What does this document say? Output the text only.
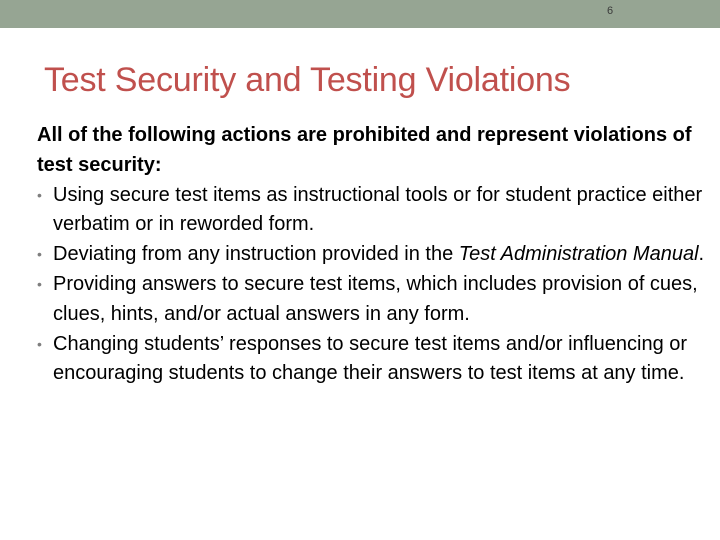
6
Test Security and Testing Violations

All of the following actions are prohibited and represent violations of test security:

• Using secure test items as instructional tools or for student practice either verbatim or in reworded form.
• Deviating from any instruction provided in the Test Administration Manual.
• Providing answers to secure test items, which includes provision of cues, clues, hints, and/or actual answers in any form.
• Changing students’ responses to secure test items and/or influencing or encouraging students to change their answers to test items at any time.
